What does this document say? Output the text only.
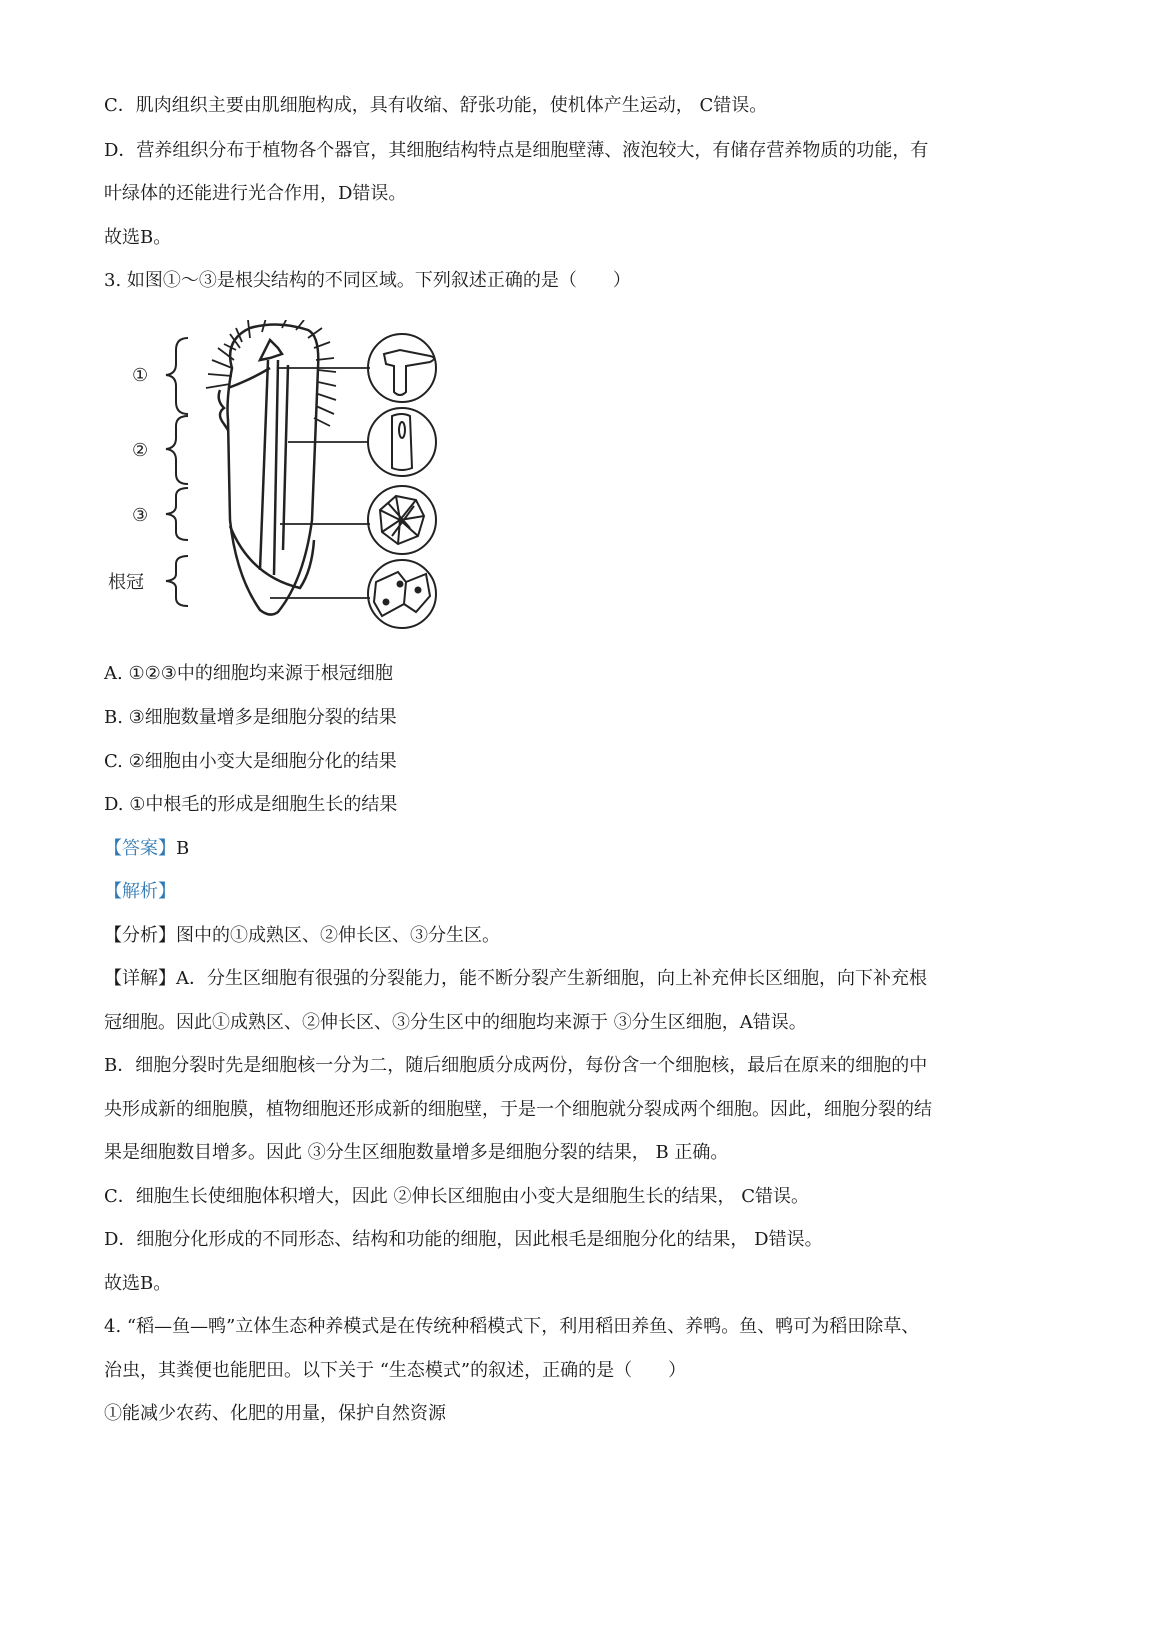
C．肌肉组织主要由肌细胞构成，具有收缩、舒张功能，使机体产生运动， C错误。
D．营养组织分布于植物各个器官，其细胞结构特点是细胞壁薄、液泡较大，有储存营养物质的功能，有
叶绿体的还能进行光合作用，D错误。
故选B。
3. 如图①～③是根尖结构的不同区域。下列叙述正确的是（　　）
①
②
③
根冠
A. ①②③中的细胞均来源于根冠细胞
B. ③细胞数量增多是细胞分裂的结果
C. ②细胞由小变大是细胞分化的结果
D. ①中根毛的形成是细胞生长的结果
【答案】B
【解析】
【分析】图中的①成熟区、②伸长区、③分生区。
【详解】A．分生区细胞有很强的分裂能力，能不断分裂产生新细胞，向上补充伸长区细胞，向下补充根
冠细胞。因此①成熟区、②伸长区、③分生区中的细胞均来源于 ③分生区细胞，A错误。
B．细胞分裂时先是细胞核一分为二，随后细胞质分成两份，每份含一个细胞核，最后在原来的细胞的中
央形成新的细胞膜，植物细胞还形成新的细胞壁，于是一个细胞就分裂成两个细胞。因此，细胞分裂的结
果是细胞数目增多。因此 ③分生区细胞数量增多是细胞分裂的结果， B 正确。
C．细胞生长使细胞体积增大，因此 ②伸长区细胞由小变大是细胞生长的结果， C错误。
D．细胞分化形成的不同形态、结构和功能的细胞，因此根毛是细胞分化的结果， D错误。
故选B。
4. “稻—鱼—鸭”立体生态种养模式是在传统种稻模式下，利用稻田养鱼、养鸭。鱼、鸭可为稻田除草、
治虫，其粪便也能肥田。以下关于 “生态模式”的叙述，正确的是（　　）
①能减少农药、化肥的用量，保护自然资源
